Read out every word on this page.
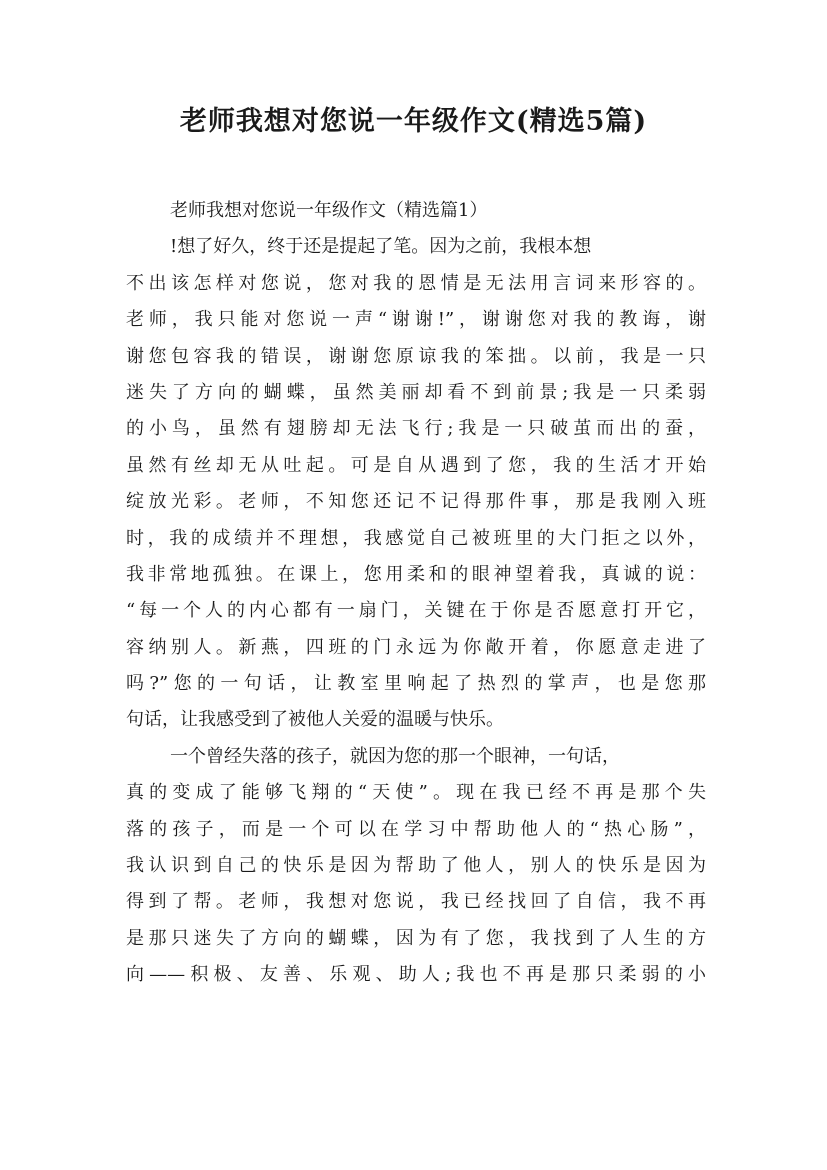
老师我想对您说一年级作文(精选5篇)
老师我想对您说一年级作文（精选篇1）
!想了好久，终于还是提起了笔。因为之前，我根本想
不出该怎样对您说，您对我的恩情是无法用言词来形容的。
老师，我只能对您说一声“谢谢!”，谢谢您对我的教诲，谢
谢您包容我的错误，谢谢您原谅我的笨拙。以前，我是一只
迷失了方向的蝴蝶，虽然美丽却看不到前景;我是一只柔弱
的小鸟，虽然有翅膀却无法飞行;我是一只破茧而出的蚕，
虽然有丝却无从吐起。可是自从遇到了您，我的生活才开始
绽放光彩。老师，不知您还记不记得那件事，那是我刚入班
时，我的成绩并不理想，我感觉自己被班里的大门拒之以外，
我非常地孤独。在课上，您用柔和的眼神望着我，真诚的说：
“每一个人的内心都有一扇门，关键在于你是否愿意打开它，
容纳别人。新燕，四班的门永远为你敞开着，你愿意走进了
吗?”您的一句话，让教室里响起了热烈的掌声，也是您那
句话，让我感受到了被他人关爱的温暖与快乐。
一个曾经失落的孩子，就因为您的那一个眼神，一句话，
真的变成了能够飞翔的“天使”。现在我已经不再是那个失
落的孩子，而是一个可以在学习中帮助他人的“热心肠”，
我认识到自己的快乐是因为帮助了他人，别人的快乐是因为
得到了帮。老师，我想对您说，我已经找回了自信，我不再
是那只迷失了方向的蝴蝶，因为有了您，我找到了人生的方
向——积极、友善、乐观、助人;我也不再是那只柔弱的小
